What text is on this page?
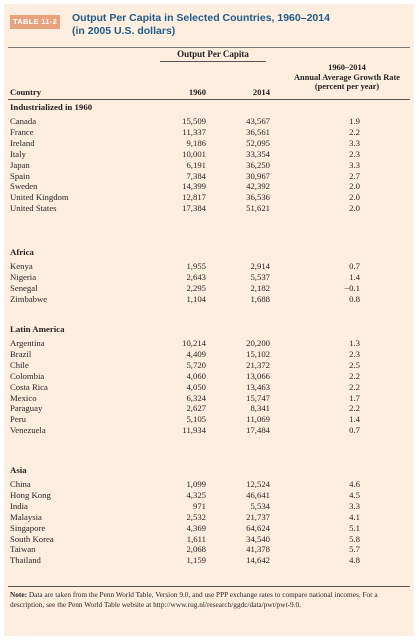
TABLE 11-2 Output Per Capita in Selected Countries, 1960–2014
(in 2005 U.S. dollars)
Output Per Capita
1960–2014
Annual Average Growth Rate
(percent per year)
Country	1960	2014
Industrialized in 1960
Canada	15,509	43,567	1.9
France	11,337	36,561	2.2
Ireland	9,186	52,095	3.3
Italy	10,001	33,354	2.3
Japan	6,191	36,250	3.3
Spain	7,384	30,967	2.7
Sweden	14,399	42,392	2.0
United Kingdom	12,817	36,536	2.0
United States	17,384	51,621	2.0
Africa
Kenya	1,955	2,914	0.7
Nigeria	2,643	5,537	1.4
Senegal	2,295	2,182	−0.1
Zimbabwe	1,104	1,688	0.8
Latin America
Argentina	10,214	20,200	1.3
Brazil	4,409	15,102	2.3
Chile	5,720	21,372	2.5
Colombia	4,060	13,066	2.2
Costa Rica	4,050	13,463	2.2
Mexico	6,324	15,747	1.7
Paraguay	2,627	8,341	2.2
Peru	5,105	11,069	1.4
Venezuela	11,934	17,484	0.7
Asia
China	1,099	12,524	4.6
Hong Kong	4,325	46,641	4.5
India	971	5,534	3.3
Malaysia	2,532	21,737	4.1
Singapore	4,369	64,624	5.1
South Korea	1,611	34,540	5.8
Taiwan	2,068	41,378	5.7
Thailand	1,159	14,642	4.8
Note: Data are taken from the Penn World Table, Version 9.0, and use PPP exchange rates to compare national incomes. For a description, see the Penn World Table website at http://www.rug.nl/research/ggdc/data/pwt/pwt-9.0.
